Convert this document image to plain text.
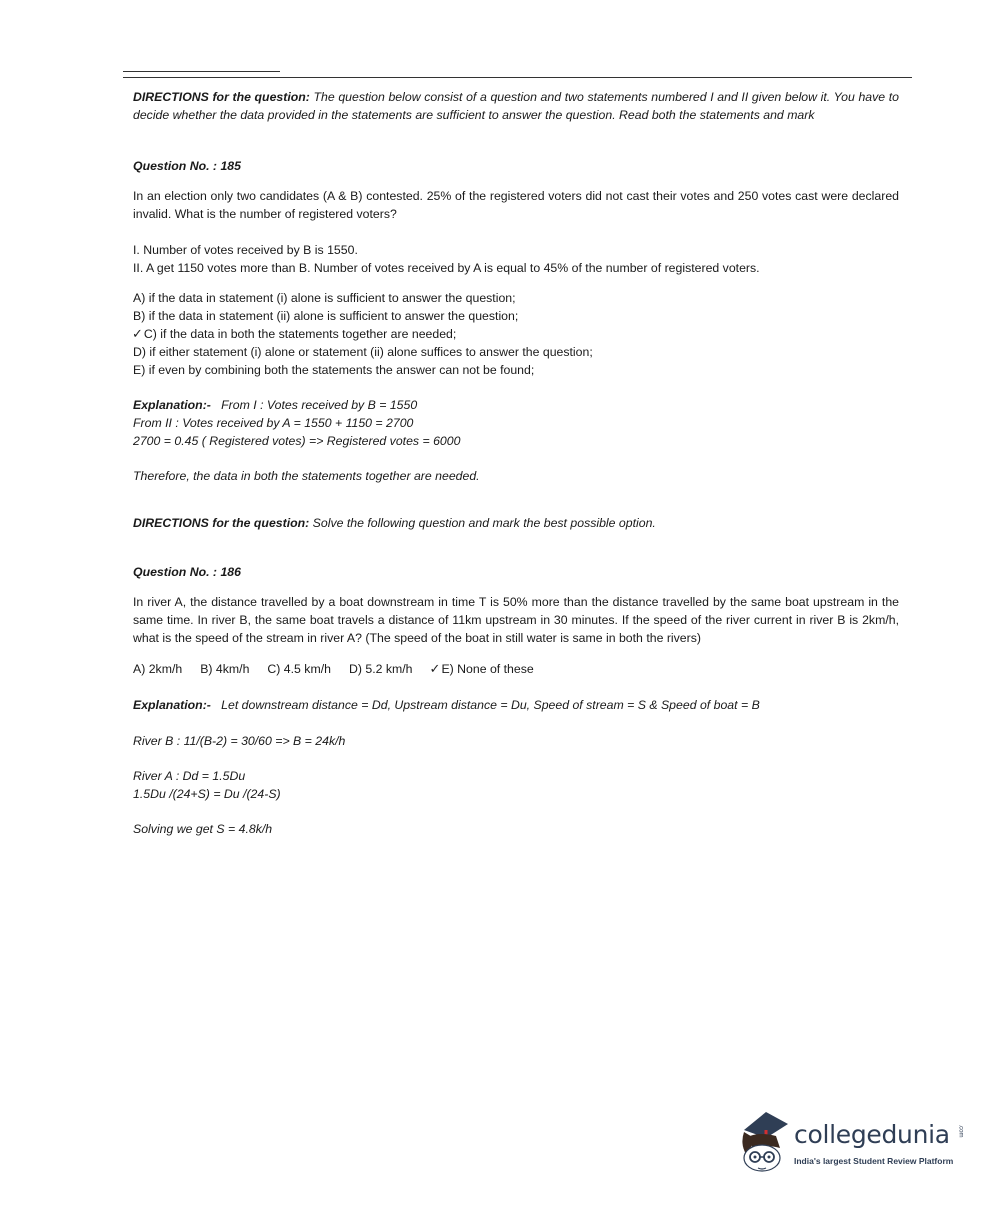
DIRECTIONS for the question: The question below consist of a question and two statements numbered I and II given below it. You have to decide whether the data provided in the statements are sufficient to answer the question. Read both the statements and mark
Question No. : 185
In an election only two candidates (A & B) contested. 25% of the registered voters did not cast their votes and 250 votes cast were declared invalid. What is the number of registered voters?
I. Number of votes received by B is 1550.
II. A get 1150 votes more than B. Number of votes received by A is equal to 45% of the number of registered voters.
A) if the data in statement (i) alone is sufficient to answer the question;
B) if the data in statement (ii) alone is sufficient to answer the question;
✓C) if the data in both the statements together are needed;
D) if either statement (i) alone or statement (ii) alone suffices to answer the question;
E) if even by combining both the statements the answer can not be found;
Explanation:- From I : Votes received by B = 1550
From II : Votes received by A = 1550 + 1150 = 2700
2700 = 0.45 ( Registered votes) => Registered votes = 6000
Therefore, the data in both the statements together are needed.
DIRECTIONS for the question: Solve the following question and mark the best possible option.
Question No. : 186
In river A, the distance travelled by a boat downstream in time T is 50% more than the distance travelled by the same boat upstream in the same time. In river B, the same boat travels a distance of 11km upstream in 30 minutes. If the speed of the river current in river B is 2km/h, what is the speed of the stream in river A? (The speed of the boat in still water is same in both the rivers)
A) 2km/h B) 4km/h C) 4.5 km/h D) 5.2 km/h ✓E) None of these
Explanation:- Let downstream distance = Dd, Upstream distance = Du, Speed of stream = S & Speed of boat = B
River B : 11/(B-2) = 30/60 => B = 24k/h
River A : Dd = 1.5Du
1.5Du /(24+S) = Du /(24-S)
Solving we get S = 4.8k/h
collegedunia .com
India's largest Student Review Platform
